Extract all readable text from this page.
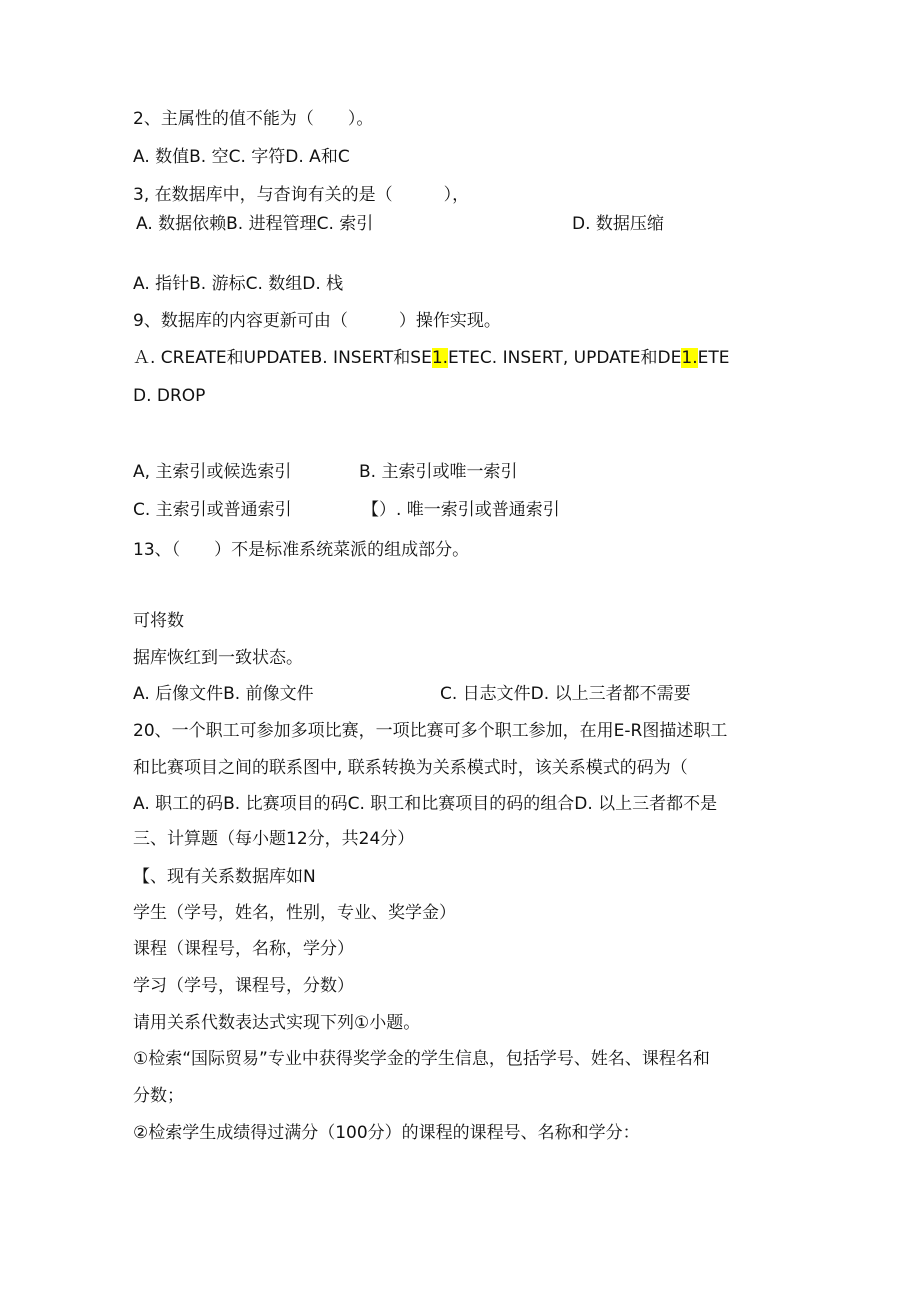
2、主属性的值不能为（　　）。
A. 数值B. 空C. 字符D. A和C
3, 在数据库中，与杳询有关的是（　　　），
A. 数据依赖B. 进程管理C. 索引	D. 数据压缩
A. 指针B. 游标C. 数组D. 栈
9、数据库的内容更新可由（　　　）操作实现。
Ａ. CREATE和UPDATEB. INSERT和SE1.ETEC. INSERT, UPDATE和DE1.ETE
D. DROP
A, 主索引或候选索引	B. 主索引或唯一索引
C. 主索引或普通索引	【）. 唯一索引或普通索引
13、（　　）不是标准系统菜派的组成部分。
可将数
据库恢红到一致状态。
A. 后像文件B. 前像文件	C. 日志文件D. 以上三者都不需要
20、一个职工可参加多项比赛，一项比赛可多个职工参加，在用E-R图描述职工
和比赛项目之间的联系图中, 联系转换为关系模式时，该关系模式的码为（
A. 职工的码B. 比赛项目的码C. 职工和比赛项目的码的组合D. 以上三者都不是
三、计算题（每小题12分，共24分）
【、现有关系数据库如N
学生（学号，姓名，性别，专业、奖学金）
课程（课程号，名称，学分）
学习（学号，课程号，分数）
请用关系代数表达式实现下列①小题。
①检索“国际贸易”专业中获得奖学金的学生信息，包括学号、姓名、课程名和
分数；
②检索学生成绩得过满分（100分）的课程的课程号、名称和学分：
